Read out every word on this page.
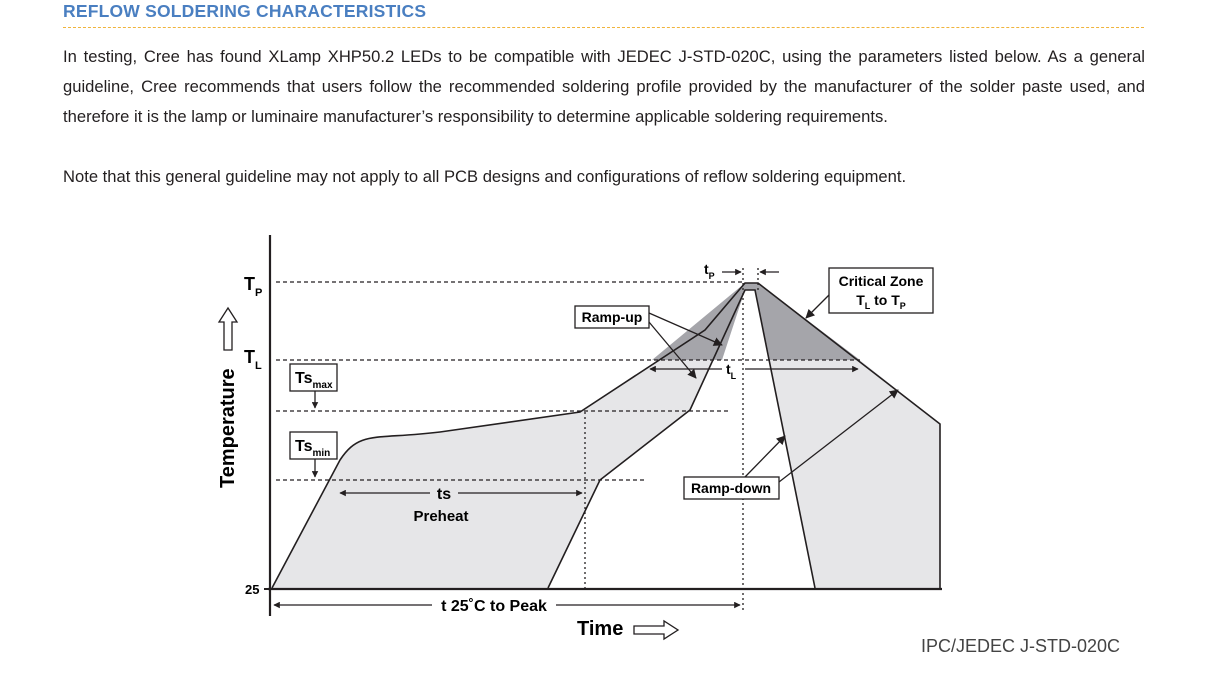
REFLOW SOLDERING CHARACTERISTICS

In testing, Cree has found XLamp XHP50.2 LEDs to be compatible with JEDEC J-STD-020C, using the parameters listed below. As a general guideline, Cree recommends that users follow the recommended soldering profile provided by the manufacturer of the solder paste used, and therefore it is the lamp or luminaire manufacturer’s responsibility to determine applicable soldering requirements.

Note that this general guideline may not apply to all PCB designs and configurations of reflow soldering equipment.

$T_P$
$T_L$
25
Temperature	$Ts_{max}$
$Ts_{min}$
ts
Preheat
t 25˚C to Peak
Time
$t_L$
$t_P$
Ramp-up
Ramp-down
Critical Zone
$T_L$ to $T_P$
IPC/JEDEC J-STD-020C
